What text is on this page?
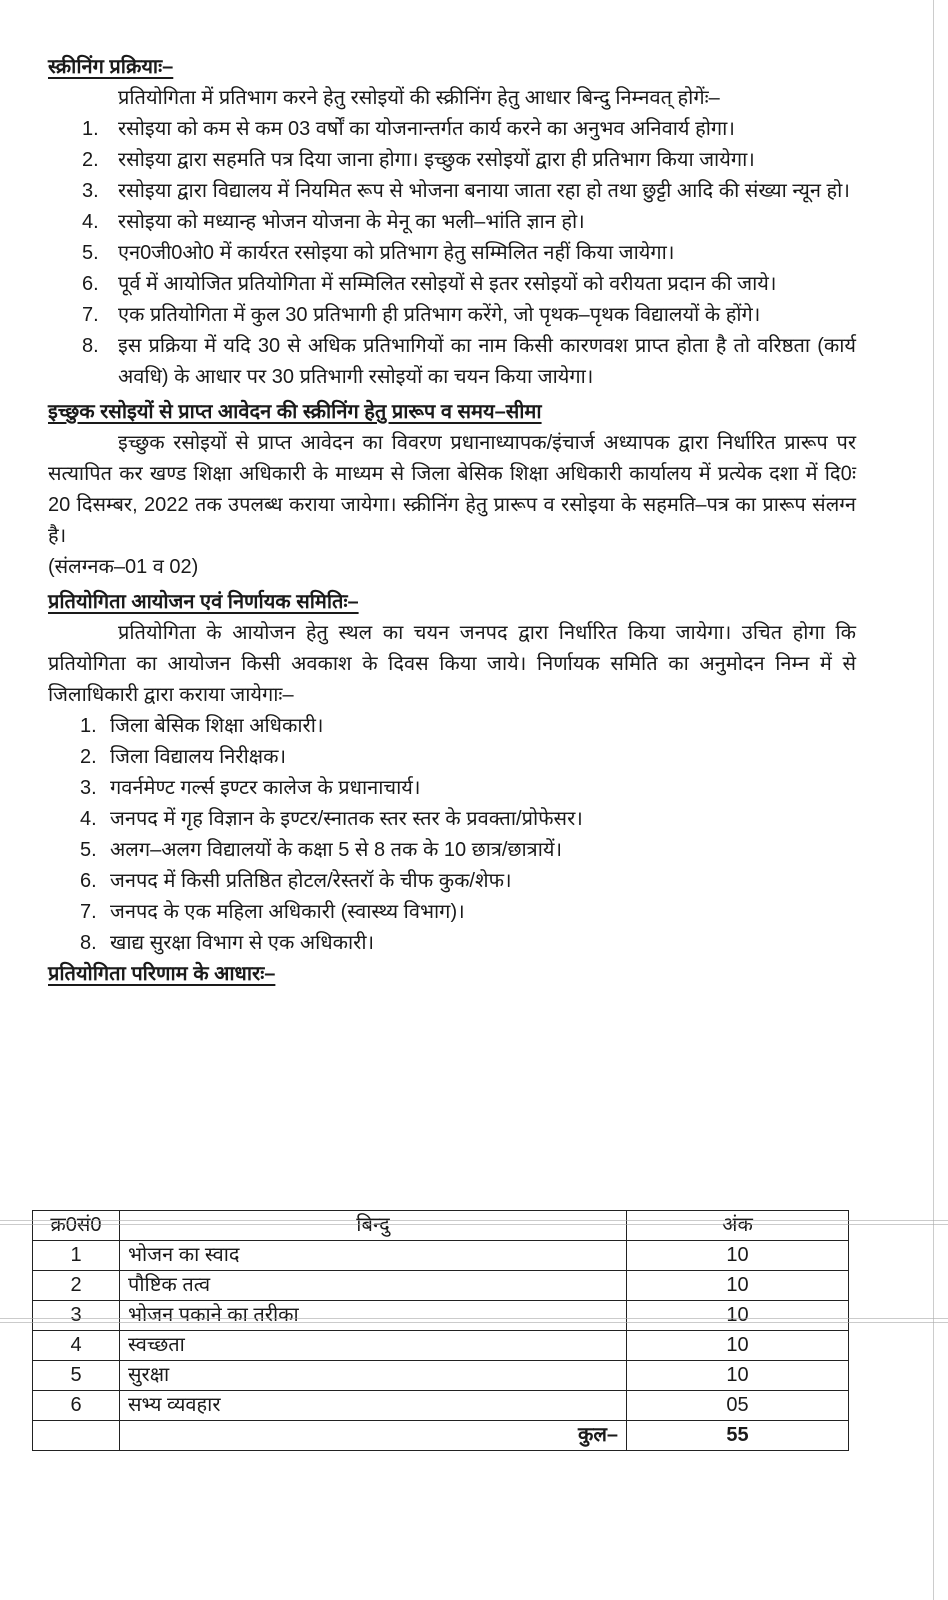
स्क्रीनिंग प्रक्रियाः–

प्रतियोगिता में प्रतिभाग करने हेतु रसोइयों की स्क्रीनिंग हेतु आधार बिन्दु निम्नवत् होगेंः–

1. रसोइया को कम से कम 03 वर्षों का योजनान्तर्गत कार्य करने का अनुभव अनिवार्य होगा।
2. रसोइया द्वारा सहमति पत्र दिया जाना होगा। इच्छुक रसोइयों द्वारा ही प्रतिभाग किया जायेगा।
3. रसोइया द्वारा विद्यालय में नियमित रूप से भोजना बनाया जाता रहा हो तथा छुट्टी आदि की संख्या न्यून हो।
4. रसोइया को मध्यान्ह भोजन योजना के मेनू का भली–भांति ज्ञान हो।
5. एन0जी0ओ0 में कार्यरत रसोइया को प्रतिभाग हेतु सम्मिलित नहीं किया जायेगा।
6. पूर्व में आयोजित प्रतियोगिता में सम्मिलित रसोइयों से इतर रसोइयों को वरीयता प्रदान की जाये।
7. एक प्रतियोगिता में कुल 30 प्रतिभागी ही प्रतिभाग करेंगे, जो पृथक–पृथक विद्यालयों के होंगे।
8. इस प्रक्रिया में यदि 30 से अधिक प्रतिभागियों का नाम किसी कारणवश प्राप्त होता है तो वरिष्ठता (कार्य अवधि) के आधार पर 30 प्रतिभागी रसोइयों का चयन किया जायेगा।
इच्छुक रसोइयों से प्राप्त आवेदन की स्क्रीनिंग हेतु प्रारूप व समय–सीमा

इच्छुक रसोइयों से प्राप्त आवेदन का विवरण प्रधानाध्यापक/इंचार्ज अध्यापक द्वारा निर्धारित प्रारूप पर सत्यापित कर खण्ड शिक्षा अधिकारी के माध्यम से जिला बेसिक शिक्षा अधिकारी कार्यालय में प्रत्येक दशा में दि0ः 20 दिसम्बर, 2022 तक उपलब्ध कराया जायेगा। स्क्रीनिंग हेतु प्रारूप व रसोइया के सहमति–पत्र का प्रारूप संलग्न है।

(संलग्नक–01 व 02)

प्रतियोगिता आयोजन एवं निर्णायक समितिः–

प्रतियोगिता के आयोजन हेतु स्थल का चयन जनपद द्वारा निर्धारित किया जायेगा। उचित होगा कि प्रतियोगिता का आयोजन किसी अवकाश के दिवस किया जाये। निर्णायक समिति का अनुमोदन निम्न में से जिलाधिकारी द्वारा कराया जायेगाः–

1. जिला बेसिक शिक्षा अधिकारी।
2. जिला विद्यालय निरीक्षक।
3. गवर्नमेण्ट गर्ल्स इण्टर कालेज के प्रधानाचार्य।
4. जनपद में गृह विज्ञान के इण्टर/स्नातक स्तर स्तर के प्रवक्ता/प्रोफेसर।
5. अलग–अलग विद्यालयों के कक्षा 5 से 8 तक के 10 छात्र/छात्रायें।
6. जनपद में किसी प्रतिष्ठित होटल/रेस्तरॉ के चीफ कुक/शेफ।
7. जनपद के एक महिला अधिकारी (स्वास्थ्य विभाग)।
8. खाद्य सुरक्षा विभाग से एक अधिकारी।
प्रतियोगिता परिणाम के आधारः–
क्र0सं0	बिन्दु	अंक
1	भोजन का स्वाद	10
2	पौष्टिक तत्व	10
3	भोजन पकाने का तरीका	10
4	स्वच्छता	10
5	सुरक्षा	10
6	सभ्य व्यवहार	05
	कुल–	55
